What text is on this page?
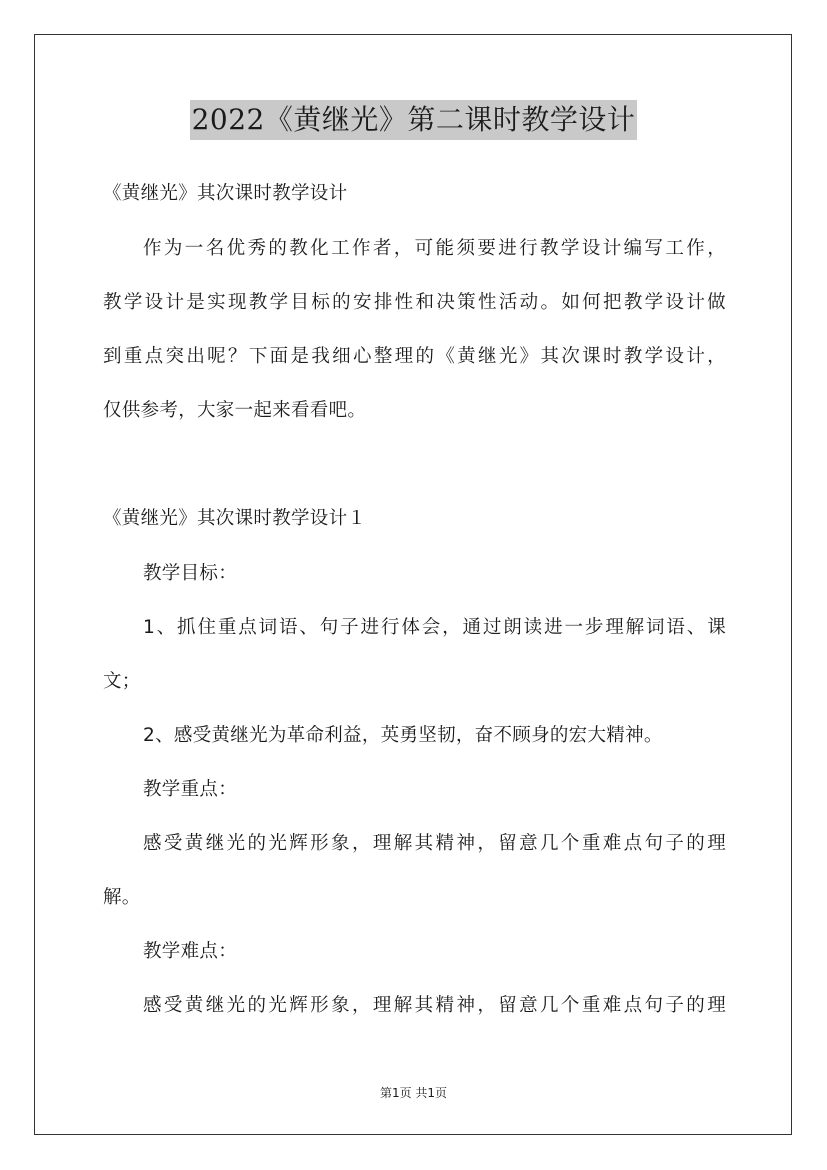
2022《黄继光》第二课时教学设计
《黄继光》其次课时教学设计
作为一名优秀的教化工作者，可能须要进行教学设计编写工作，
教学设计是实现教学目标的安排性和决策性活动。如何把教学设计做
到重点突出呢？下面是我细心整理的《黄继光》其次课时教学设计，
仅供参考，大家一起来看看吧。
《黄继光》其次课时教学设计１
教学目标：
1、抓住重点词语、句子进行体会，通过朗读进一步理解词语、课
文；
2、感受黄继光为革命利益，英勇坚韧，奋不顾身的宏大精神。
教学重点：
感受黄继光的光辉形象，理解其精神，留意几个重难点句子的理
解。
教学难点：
感受黄继光的光辉形象，理解其精神，留意几个重难点句子的理
第1页 共1页
